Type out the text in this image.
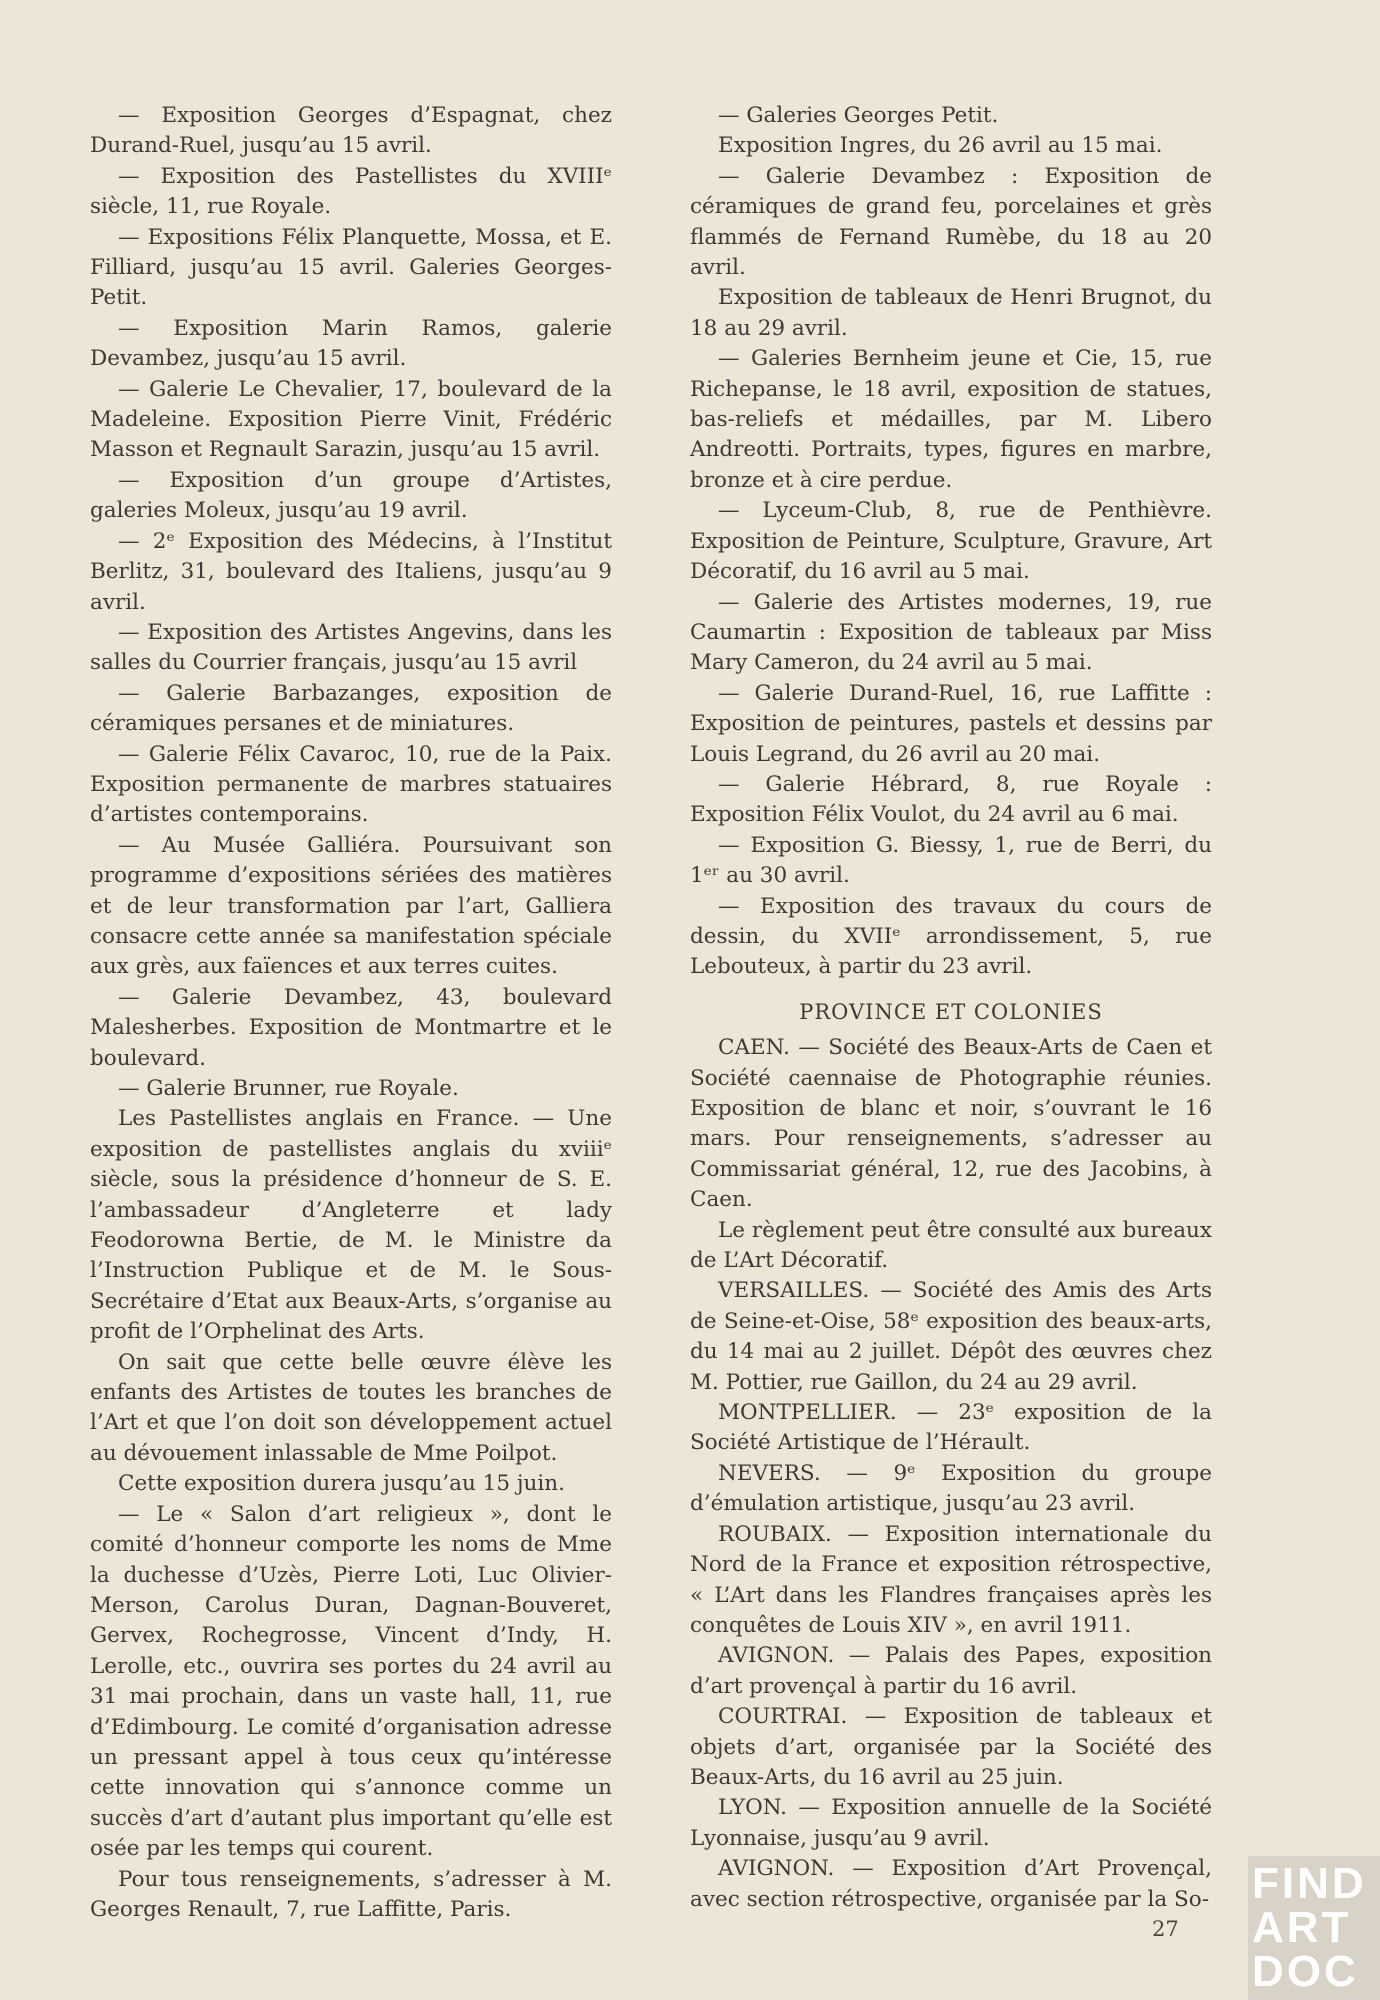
— Exposition Georges d’Espagnat, chez Durand-Ruel, jusqu’au 15 avril.

— Exposition des Pastellistes du XVIIIᵉ siècle, 11, rue Royale.

— Expositions Félix Planquette, Mossa, et E. Filliard, jusqu’au 15 avril. Galeries Georges-Petit.

— Exposition Marin Ramos, galerie Devambez, jusqu’au 15 avril.

— Galerie Le Chevalier, 17, boulevard de la Madeleine. Exposition Pierre Vinit, Frédéric Masson et Regnault Sarazin, jusqu’au 15 avril.

— Exposition d’un groupe d’Artistes, galeries Moleux, jusqu’au 19 avril.

— 2ᵉ Exposition des Médecins, à l’Institut Berlitz, 31, boulevard des Italiens, jusqu’au 9 avril.

— Exposition des Artistes Angevins, dans les salles du Courrier français, jusqu’au 15 avril

— Galerie Barbazanges, exposition de céramiques persanes et de miniatures.

— Galerie Félix Cavaroc, 10, rue de la Paix. Exposition permanente de marbres statuaires d’artistes contemporains.

— Au Musée Galliéra. Poursuivant son programme d’expositions sériées des matières et de leur transformation par l’art, Galliera consacre cette année sa manifestation spéciale aux grès, aux faïences et aux terres cuites.

— Galerie Devambez, 43, boulevard Malesherbes. Exposition de Montmartre et le boulevard.

— Galerie Brunner, rue Royale.

Les Pastellistes anglais en France. — Une exposition de pastellistes anglais du xviiiᵉ siècle, sous la présidence d’honneur de S. E. l’ambassadeur d’Angleterre et lady Feodorowna Bertie, de M. le Ministre da l’Instruction Publique et de M. le Sous-Secrétaire d’Etat aux Beaux-Arts, s’organise au profit de l’Orphelinat des Arts.

On sait que cette belle œuvre élève les enfants des Artistes de toutes les branches de l’Art et que l’on doit son développement actuel au dévouement inlassable de Mme Poilpot.

Cette exposition durera jusqu’au 15 juin.

— Le « Salon d’art religieux », dont le comité d’honneur comporte les noms de Mme la duchesse d’Uzès, Pierre Loti, Luc Olivier-Merson, Carolus Duran, Dagnan-Bouveret, Gervex, Rochegrosse, Vincent d’Indy, H. Lerolle, etc., ouvrira ses portes du 24 avril au 31 mai prochain, dans un vaste hall, 11, rue d’Edimbourg. Le comité d’organisation adresse un pressant appel à tous ceux qu’intéresse cette innovation qui s’annonce comme un succès d’art d’autant plus important qu’elle est osée par les temps qui courent.

Pour tous renseignements, s’adresser à M. Georges Renault, 7, rue Laffitte, Paris.

— Galeries Georges Petit.

Exposition Ingres, du 26 avril au 15 mai.

— Galerie Devambez : Exposition de céramiques de grand feu, porcelaines et grès flammés de Fernand Rumèbe, du 18 au 20 avril.

Exposition de tableaux de Henri Brugnot, du 18 au 29 avril.

— Galeries Bernheim jeune et Cie, 15, rue Richepanse, le 18 avril, exposition de statues, bas-reliefs et médailles, par M. Libero Andreotti. Portraits, types, figures en marbre, bronze et à cire perdue.

— Lyceum-Club, 8, rue de Penthièvre. Exposition de Peinture, Sculpture, Gravure, Art Décoratif, du 16 avril au 5 mai.

— Galerie des Artistes modernes, 19, rue Caumartin : Exposition de tableaux par Miss Mary Cameron, du 24 avril au 5 mai.

— Galerie Durand-Ruel, 16, rue Laffitte : Exposition de peintures, pastels et dessins par Louis Legrand, du 26 avril au 20 mai.

— Galerie Hébrard, 8, rue Royale : Exposition Félix Voulot, du 24 avril au 6 mai.

— Exposition G. Biessy, 1, rue de Berri, du 1ᵉʳ au 30 avril.

— Exposition des travaux du cours de dessin, du XVIIᵉ arrondissement, 5, rue Lebouteux, à partir du 23 avril.

PROVINCE ET COLONIES

CAEN. — Société des Beaux-Arts de Caen et Société caennaise de Photographie réunies. Exposition de blanc et noir, s’ouvrant le 16 mars. Pour renseignements, s’adresser au Commissariat général, 12, rue des Jacobins, à Caen.

Le règlement peut être consulté aux bureaux de L’Art Décoratif.

VERSAILLES. — Société des Amis des Arts de Seine-et-Oise, 58ᵉ exposition des beaux-arts, du 14 mai au 2 juillet. Dépôt des œuvres chez M. Pottier, rue Gaillon, du 24 au 29 avril.

MONTPELLIER. — 23ᵉ exposition de la Société Artistique de l’Hérault.

NEVERS. — 9ᵉ Exposition du groupe d’émulation artistique, jusqu’au 23 avril.

ROUBAIX. — Exposition internationale du Nord de la France et exposition rétrospective, « L’Art dans les Flandres françaises après les conquêtes de Louis XIV », en avril 1911.

AVIGNON. — Palais des Papes, exposition d’art provençal à partir du 16 avril.

COURTRAI. — Exposition de tableaux et objets d’art, organisée par la Société des Beaux-Arts, du 16 avril au 25 juin.

LYON. — Exposition annuelle de la Société Lyonnaise, jusqu’au 9 avril.

AVIGNON. — Exposition d’Art Provençal, avec section rétrospective, organisée par la So-

27
FIND
ART
DOC
